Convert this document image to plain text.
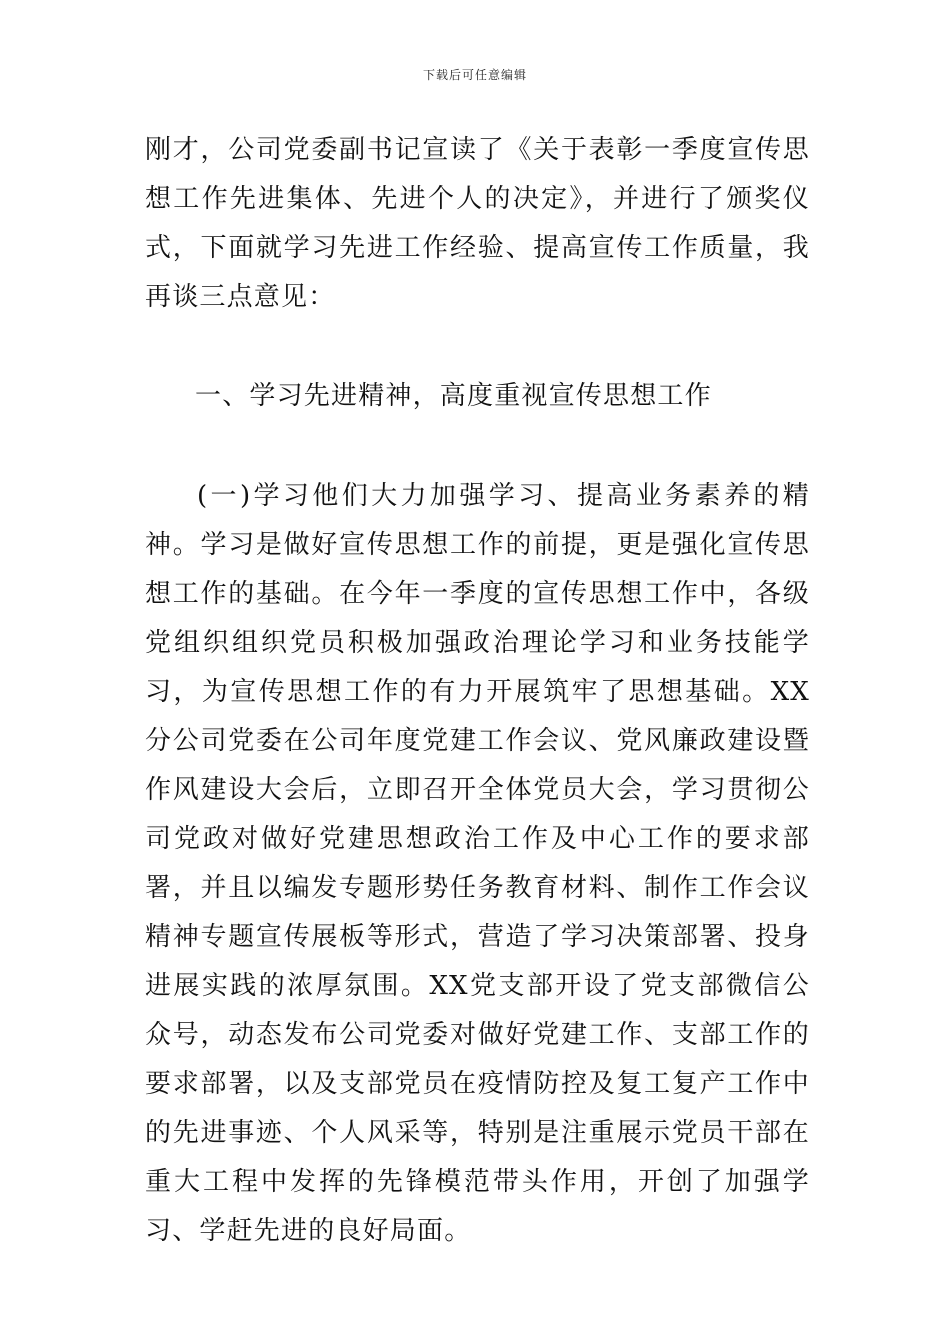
下载后可任意编辑
刚才，公司党委副书记宣读了《关于表彰一季度宣传思想工作先进集体、先进个人的决定》，并进行了颁奖仪式，下面就学习先进工作经验、提高宣传工作质量，我再谈三点意见：
一、学习先进精神，高度重视宣传思想工作
(一)学习他们大力加强学习、提高业务素养的精神。学习是做好宣传思想工作的前提，更是强化宣传思想工作的基础。在今年一季度的宣传思想工作中，各级党组织组织党员积极加强政治理论学习和业务技能学习，为宣传思想工作的有力开展筑牢了思想基础。XX分公司党委在公司年度党建工作会议、党风廉政建设暨作风建设大会后，立即召开全体党员大会，学习贯彻公司党政对做好党建思想政治工作及中心工作的要求部署，并且以编发专题形势任务教育材料、制作工作会议精神专题宣传展板等形式，营造了学习决策部署、投身进展实践的浓厚氛围。XX党支部开设了党支部微信公众号，动态发布公司党委对做好党建工作、支部工作的要求部署，以及支部党员在疫情防控及复工复产工作中的先进事迹、个人风采等，特别是注重展示党员干部在重大工程中发挥的先锋模范带头作用，开创了加强学习、学赶先进的良好局面。
